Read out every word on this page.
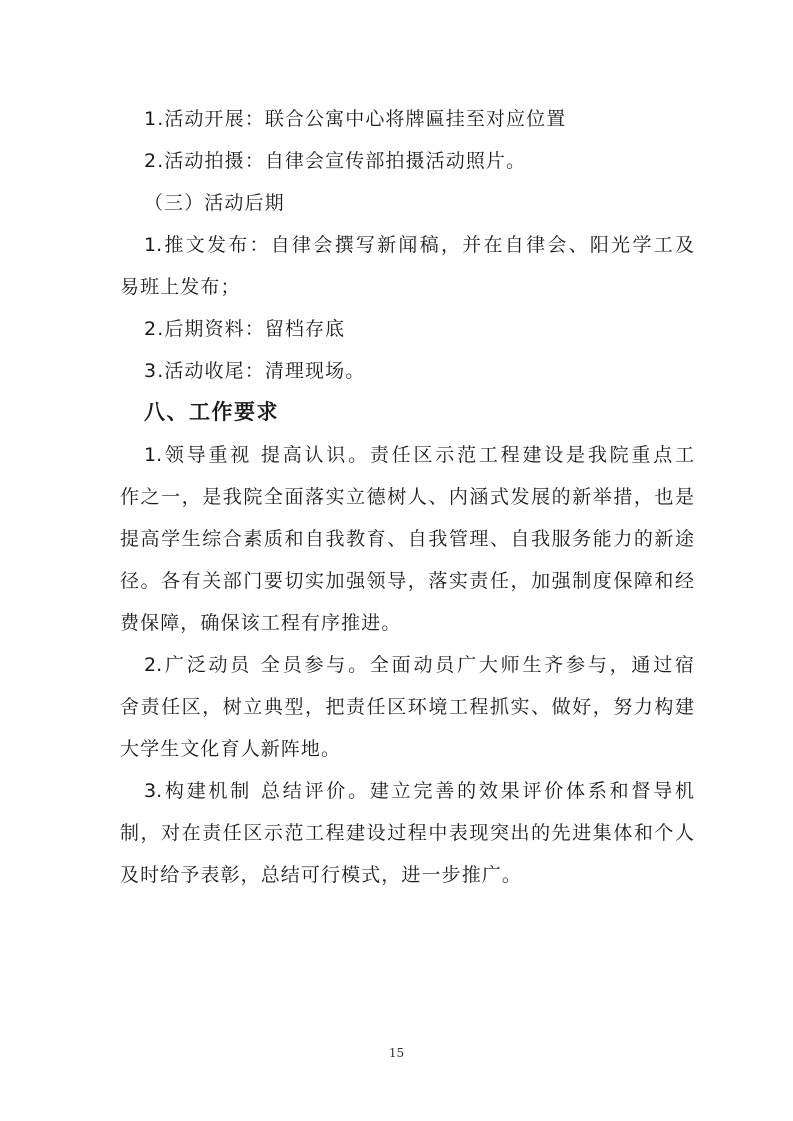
1.活动开展：联合公寓中心将牌匾挂至对应位置
2.活动拍摄：自律会宣传部拍摄活动照片。
（三）活动后期
1.推文发布：自律会撰写新闻稿，并在自律会、阳光学工及
易班上发布；
2.后期资料：留档存底
3.活动收尾：清理现场。
八、工作要求
1.领导重视 提高认识。责任区示范工程建设是我院重点工
作之一，是我院全面落实立德树人、内涵式发展的新举措，也是
提高学生综合素质和自我教育、自我管理、自我服务能力的新途
径。各有关部门要切实加强领导，落实责任，加强制度保障和经
费保障，确保该工程有序推进。
2.广泛动员 全员参与。全面动员广大师生齐参与，通过宿
舍责任区，树立典型，把责任区环境工程抓实、做好，努力构建
大学生文化育人新阵地。
3.构建机制 总结评价。建立完善的效果评价体系和督导机
制，对在责任区示范工程建设过程中表现突出的先进集体和个人
及时给予表彰，总结可行模式，进一步推广。
15
